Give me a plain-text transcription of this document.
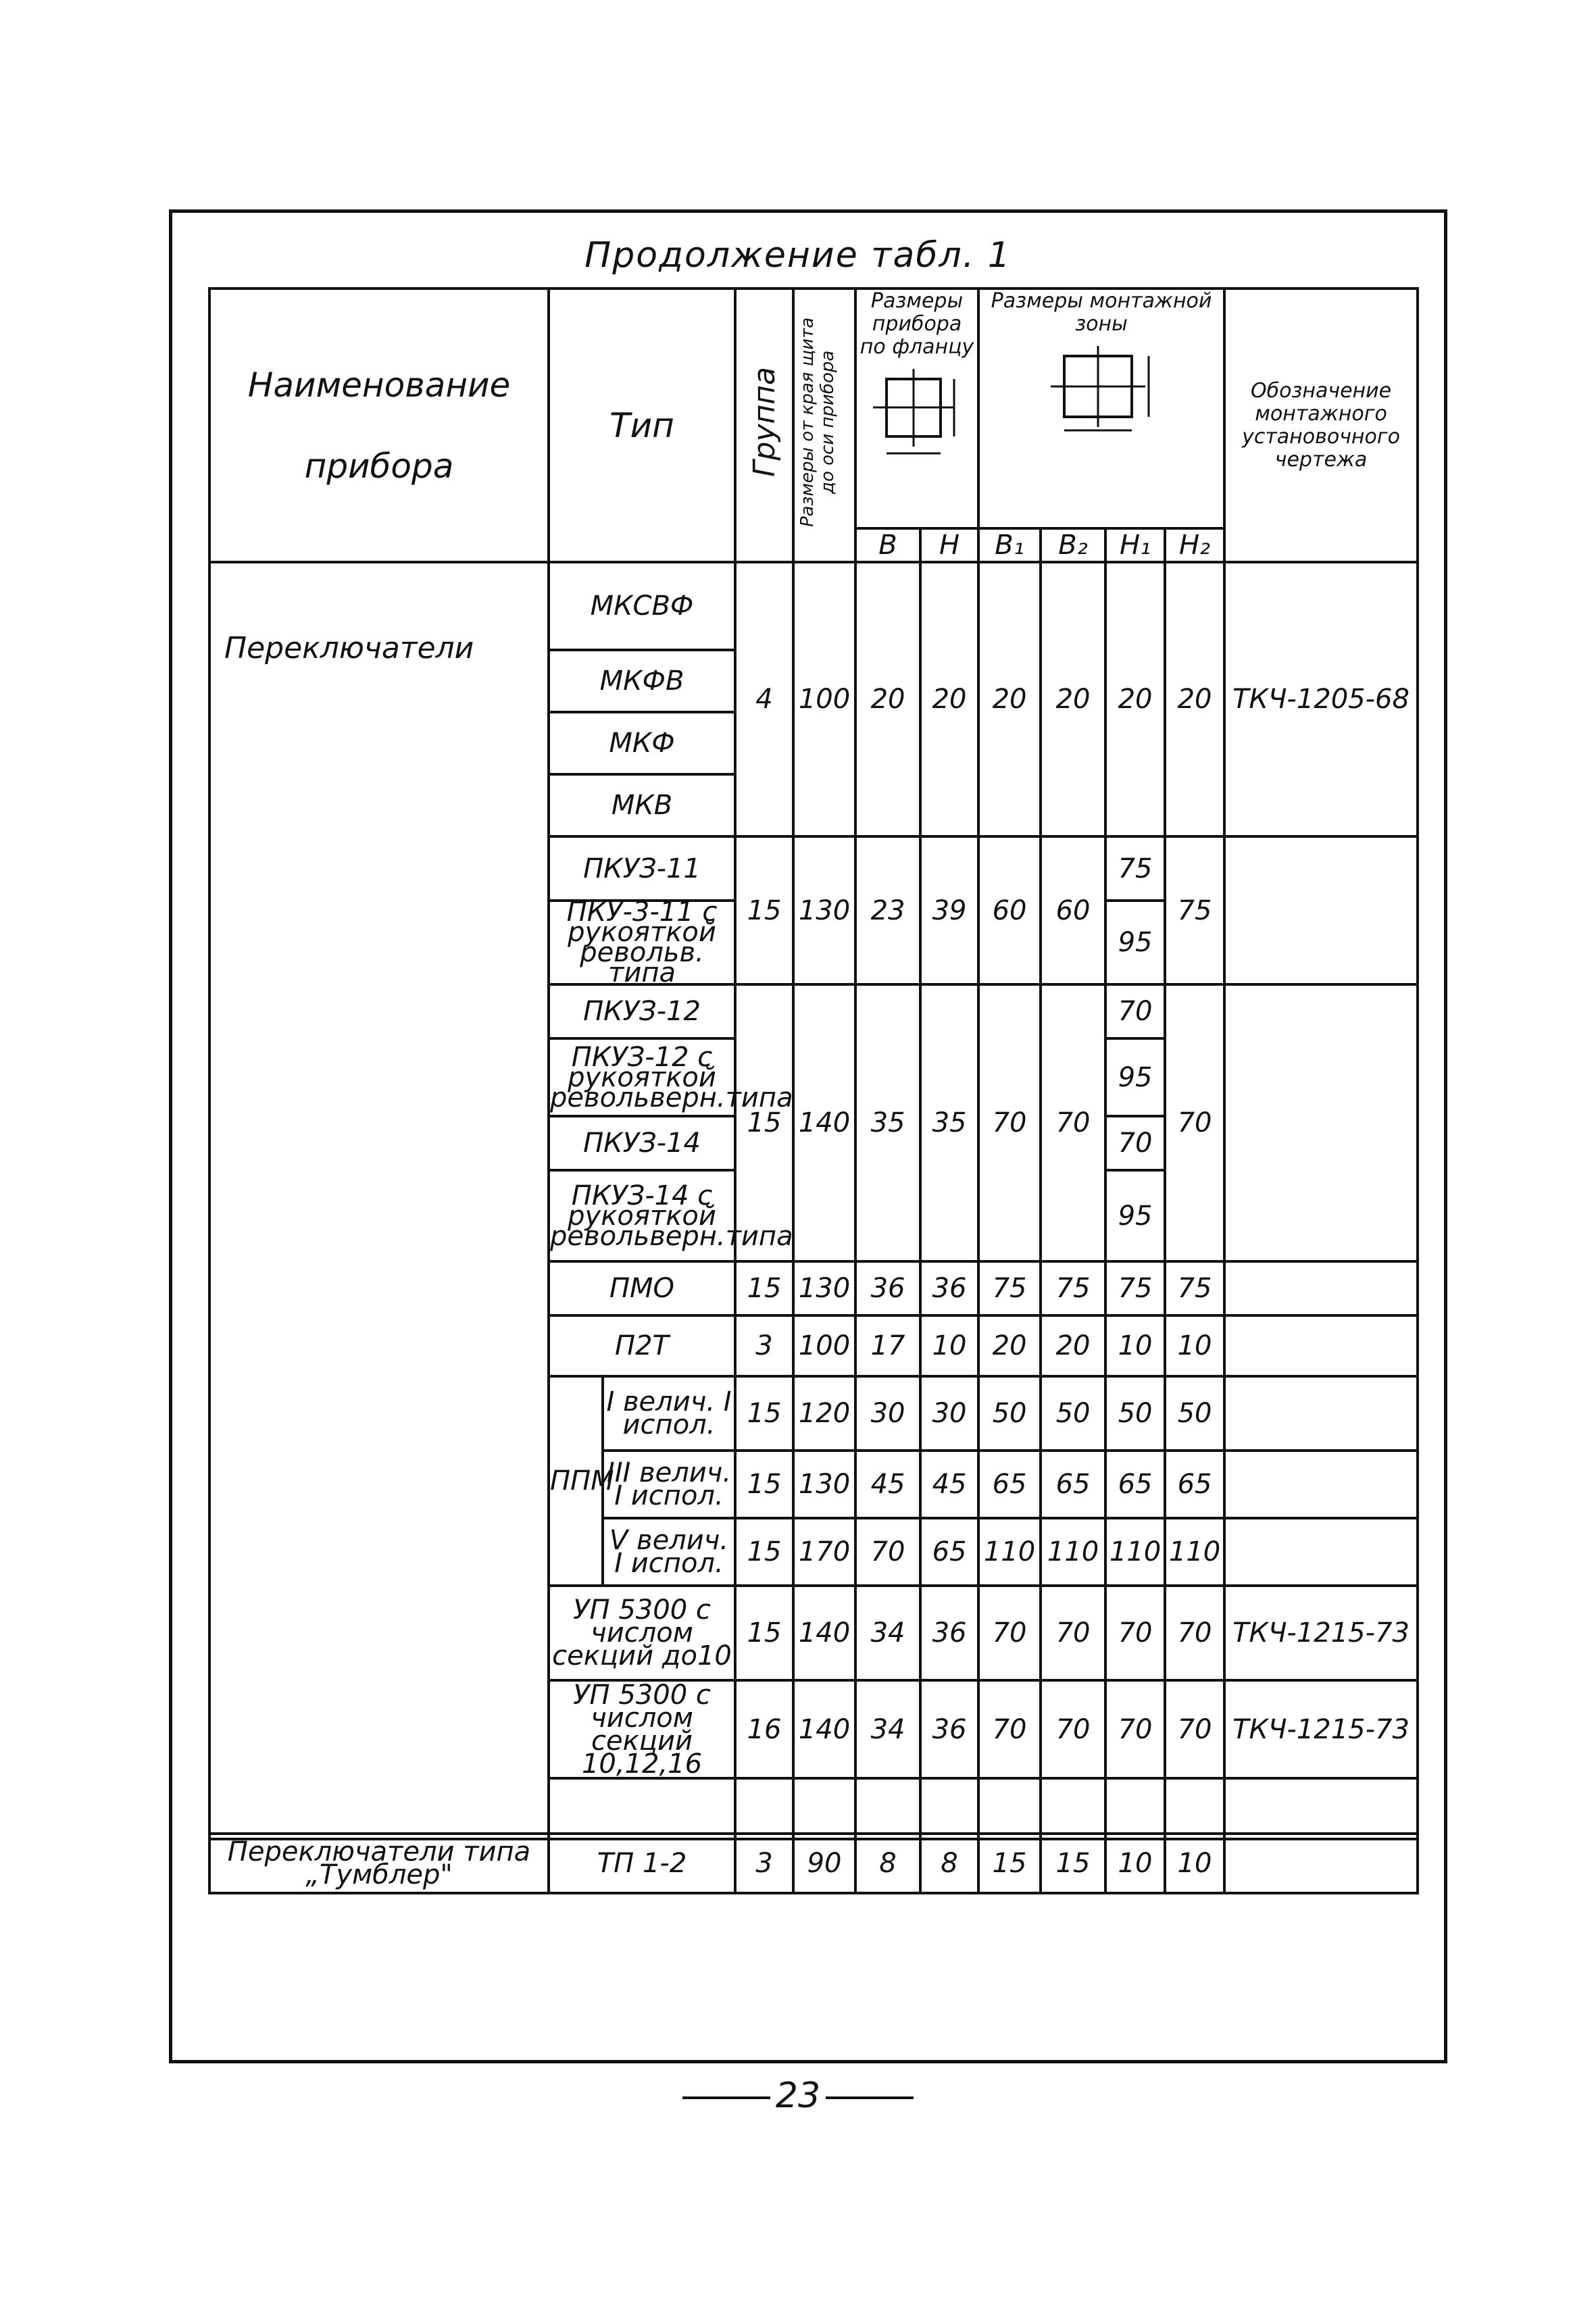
Продолжение табл. 1
Наименование прибора	Тип		Группа	Размеры от края щита до оси прибора	Размеры прибора по фланцу		Размеры монтажной зоны				Обозначение монтажного установочного чертежа

					В	Н	В₁	В₂	Н₁	Н₂	
Переключатели	МКСВФ		4	100	20	20	20	20	20	20	ТКЧ-1205-68
	МКФВ										
	МКФ										
	МКВ										
	ПКУЗ-11		15	130	23	39	60	60	75	75	
	ПКУ-3-11 с рукояткой револьв. типа								95		
	ПКУЗ-12		15	140	35	35	70	70	70	70	
	ПКУЗ-12 с рукояткой револьверн.типа								95		
	ПКУЗ-14								70		
	ПКУЗ-14 с рукояткой револьверн.типа								95		
	ПМО		15	130	36	36	75	75	75	75	
	П2Т		3	100	17	10	20	20	10	10	
	ППМ	I велич. I испол.	15	120	30	30	50	50	50	50	
		III велич. I испол.	15	130	45	45	65	65	65	65	
		V велич. I испол.	15	170	70	65	110	110	110	110	
	УП 5300 с числом секций до10		15	140	34	36	70	70	70	70	ТКЧ-1215-73
	УП 5300 с числом секций 10,12,16		16	140	34	36	70	70	70	70	ТКЧ-1215-73

Переключатели типа „Тумблер"	ТП 1-2	3	90	8	8	15	15	10	10	
23
